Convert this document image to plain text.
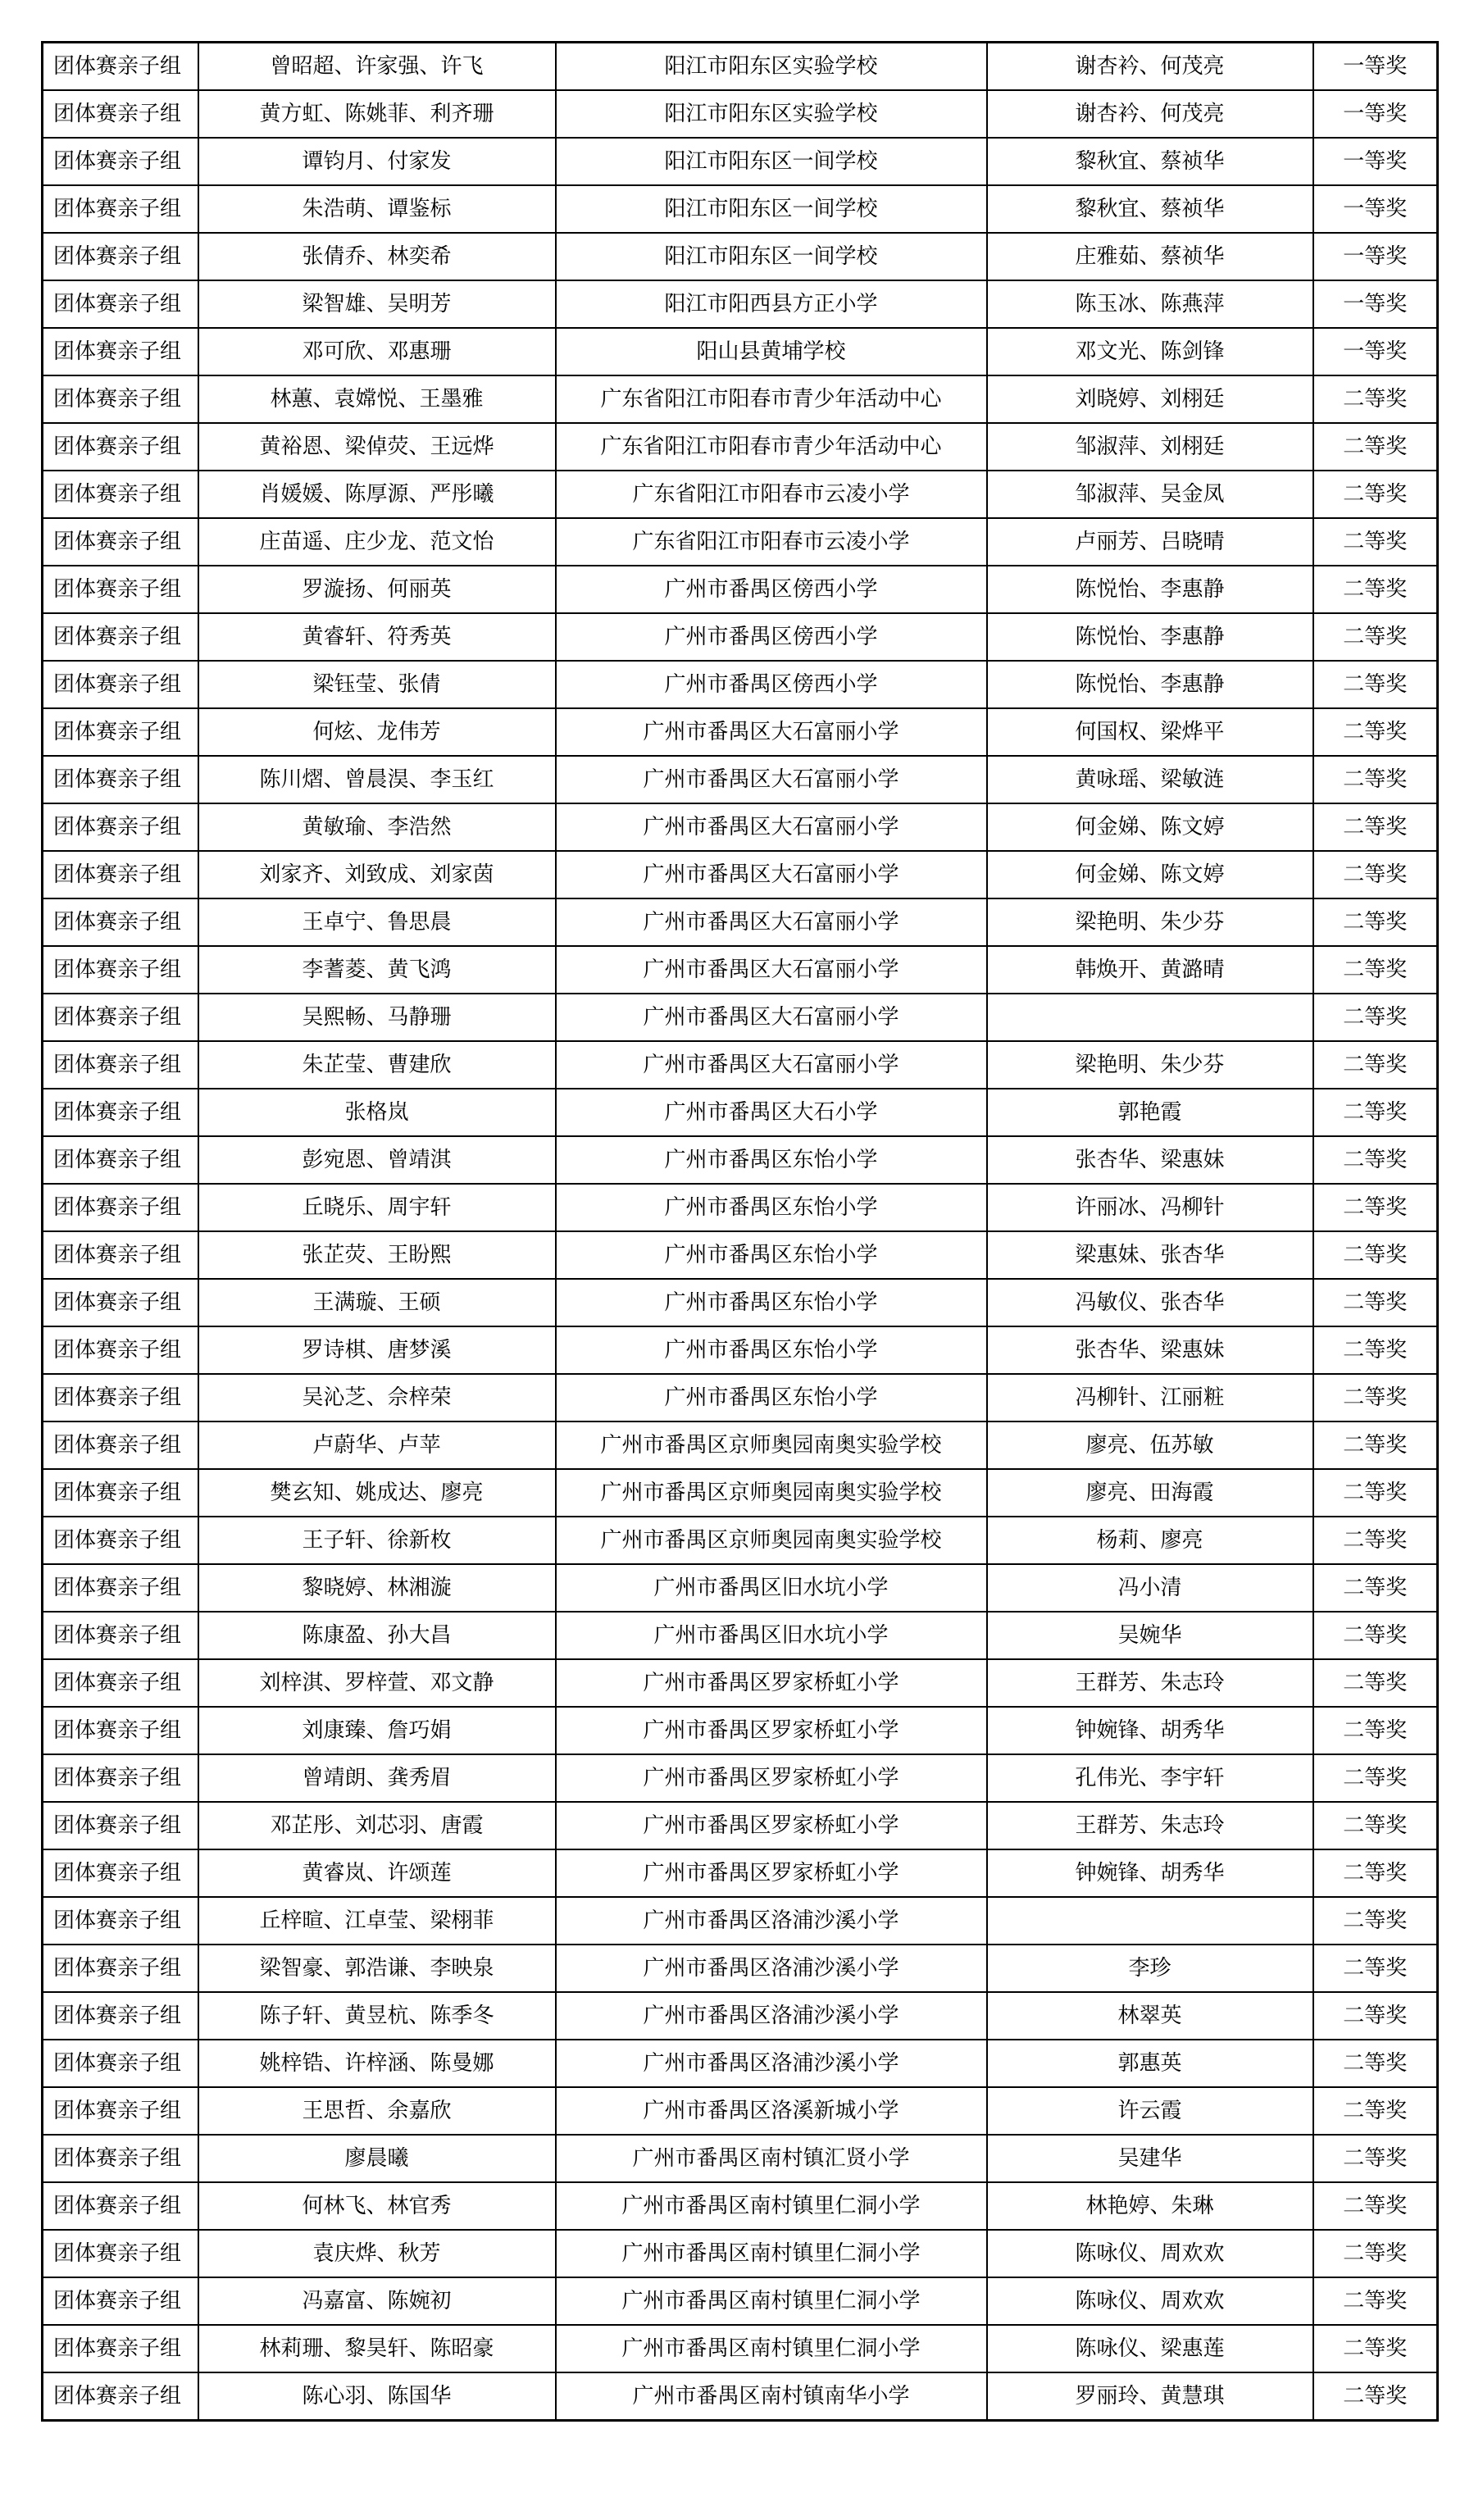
团体赛亲子组	曾昭超、许家强、许飞	阳江市阳东区实验学校	谢杏衿、何茂亮	一等奖
团体赛亲子组	黄方虹、陈姚菲、利齐珊	阳江市阳东区实验学校	谢杏衿、何茂亮	一等奖
团体赛亲子组	谭钧月、付家发	阳江市阳东区一间学校	黎秋宜、蔡祯华	一等奖
团体赛亲子组	朱浩萌、谭鉴标	阳江市阳东区一间学校	黎秋宜、蔡祯华	一等奖
团体赛亲子组	张倩乔、林奕希	阳江市阳东区一间学校	庄雅茹、蔡祯华	一等奖
团体赛亲子组	梁智雄、吴明芳	阳江市阳西县方正小学	陈玉冰、陈燕萍	一等奖
团体赛亲子组	邓可欣、邓惠珊	阳山县黄埔学校	邓文光、陈剑锋	一等奖
团体赛亲子组	林蕙、袁嫦悦、王墨雅	广东省阳江市阳春市青少年活动中心	刘晓婷、刘栩廷	二等奖
团体赛亲子组	黄裕恩、梁倬荧、王远烨	广东省阳江市阳春市青少年活动中心	邹淑萍、刘栩廷	二等奖
团体赛亲子组	肖媛媛、陈厚源、严彤曦	广东省阳江市阳春市云凌小学	邹淑萍、吴金凤	二等奖
团体赛亲子组	庄苗遥、庄少龙、范文怡	广东省阳江市阳春市云凌小学	卢丽芳、吕晓晴	二等奖
团体赛亲子组	罗漩扬、何丽英	广州市番禺区傍西小学	陈悦怡、李惠静	二等奖
团体赛亲子组	黄睿轩、符秀英	广州市番禺区傍西小学	陈悦怡、李惠静	二等奖
团体赛亲子组	梁钰莹、张倩	广州市番禺区傍西小学	陈悦怡、李惠静	二等奖
团体赛亲子组	何炫、龙伟芳	广州市番禺区大石富丽小学	何国权、梁烨平	二等奖
团体赛亲子组	陈川熠、曾晨淏、李玉红	广州市番禺区大石富丽小学	黄咏瑶、梁敏涟	二等奖
团体赛亲子组	黄敏瑜、李浩然	广州市番禺区大石富丽小学	何金娣、陈文婷	二等奖
团体赛亲子组	刘家齐、刘致成、刘家茵	广州市番禺区大石富丽小学	何金娣、陈文婷	二等奖
团体赛亲子组	王卓宁、鲁思晨	广州市番禺区大石富丽小学	梁艳明、朱少芬	二等奖
团体赛亲子组	李蓍菱、黄飞鸿	广州市番禺区大石富丽小学	韩焕开、黄潞晴	二等奖
团体赛亲子组	吴熙畅、马静珊	广州市番禺区大石富丽小学		二等奖
团体赛亲子组	朱芷莹、曹建欣	广州市番禺区大石富丽小学	梁艳明、朱少芬	二等奖
团体赛亲子组	张格岚	广州市番禺区大石小学	郭艳霞	二等奖
团体赛亲子组	彭宛恩、曾靖淇	广州市番禺区东怡小学	张杏华、梁惠妹	二等奖
团体赛亲子组	丘晓乐、周宇轩	广州市番禺区东怡小学	许丽冰、冯柳针	二等奖
团体赛亲子组	张芷荧、王盼熙	广州市番禺区东怡小学	梁惠妹、张杏华	二等奖
团体赛亲子组	王满璇、王硕	广州市番禺区东怡小学	冯敏仪、张杏华	二等奖
团体赛亲子组	罗诗棋、唐梦溪	广州市番禺区东怡小学	张杏华、梁惠妹	二等奖
团体赛亲子组	吴沁芝、佘梓荣	广州市番禺区东怡小学	冯柳针、江丽粧	二等奖
团体赛亲子组	卢蔚华、卢苹	广州市番禺区京师奥园南奥实验学校	廖亮、伍苏敏	二等奖
团体赛亲子组	樊玄知、姚成达、廖亮	广州市番禺区京师奥园南奥实验学校	廖亮、田海霞	二等奖
团体赛亲子组	王子轩、徐新枚	广州市番禺区京师奥园南奥实验学校	杨莉、廖亮	二等奖
团体赛亲子组	黎晓婷、林湘漩	广州市番禺区旧水坑小学	冯小清	二等奖
团体赛亲子组	陈康盈、孙大昌	广州市番禺区旧水坑小学	吴婉华	二等奖
团体赛亲子组	刘梓淇、罗梓萱、邓文静	广州市番禺区罗家桥虹小学	王群芳、朱志玲	二等奖
团体赛亲子组	刘康臻、詹巧娟	广州市番禺区罗家桥虹小学	钟婉锋、胡秀华	二等奖
团体赛亲子组	曾靖朗、龚秀眉	广州市番禺区罗家桥虹小学	孔伟光、李宇轩	二等奖
团体赛亲子组	邓芷彤、刘芯羽、唐霞	广州市番禺区罗家桥虹小学	王群芳、朱志玲	二等奖
团体赛亲子组	黄睿岚、许颂莲	广州市番禺区罗家桥虹小学	钟婉锋、胡秀华	二等奖
团体赛亲子组	丘梓暄、江卓莹、梁栩菲	广州市番禺区洛浦沙溪小学		二等奖
团体赛亲子组	梁智豪、郭浩谦、李映泉	广州市番禺区洛浦沙溪小学	李珍	二等奖
团体赛亲子组	陈子轩、黄昱杭、陈季冬	广州市番禺区洛浦沙溪小学	林翠英	二等奖
团体赛亲子组	姚梓锆、许梓涵、陈曼娜	广州市番禺区洛浦沙溪小学	郭惠英	二等奖
团体赛亲子组	王思哲、余嘉欣	广州市番禺区洛溪新城小学	许云霞	二等奖
团体赛亲子组	廖晨曦	广州市番禺区南村镇汇贤小学	吴建华	二等奖
团体赛亲子组	何林飞、林官秀	广州市番禺区南村镇里仁洞小学	林艳婷、朱琳	二等奖
团体赛亲子组	袁庆烨、秋芳	广州市番禺区南村镇里仁洞小学	陈咏仪、周欢欢	二等奖
团体赛亲子组	冯嘉富、陈婉初	广州市番禺区南村镇里仁洞小学	陈咏仪、周欢欢	二等奖
团体赛亲子组	林莉珊、黎昊轩、陈昭豪	广州市番禺区南村镇里仁洞小学	陈咏仪、梁惠莲	二等奖
团体赛亲子组	陈心羽、陈国华	广州市番禺区南村镇南华小学	罗丽玲、黄慧琪	二等奖
